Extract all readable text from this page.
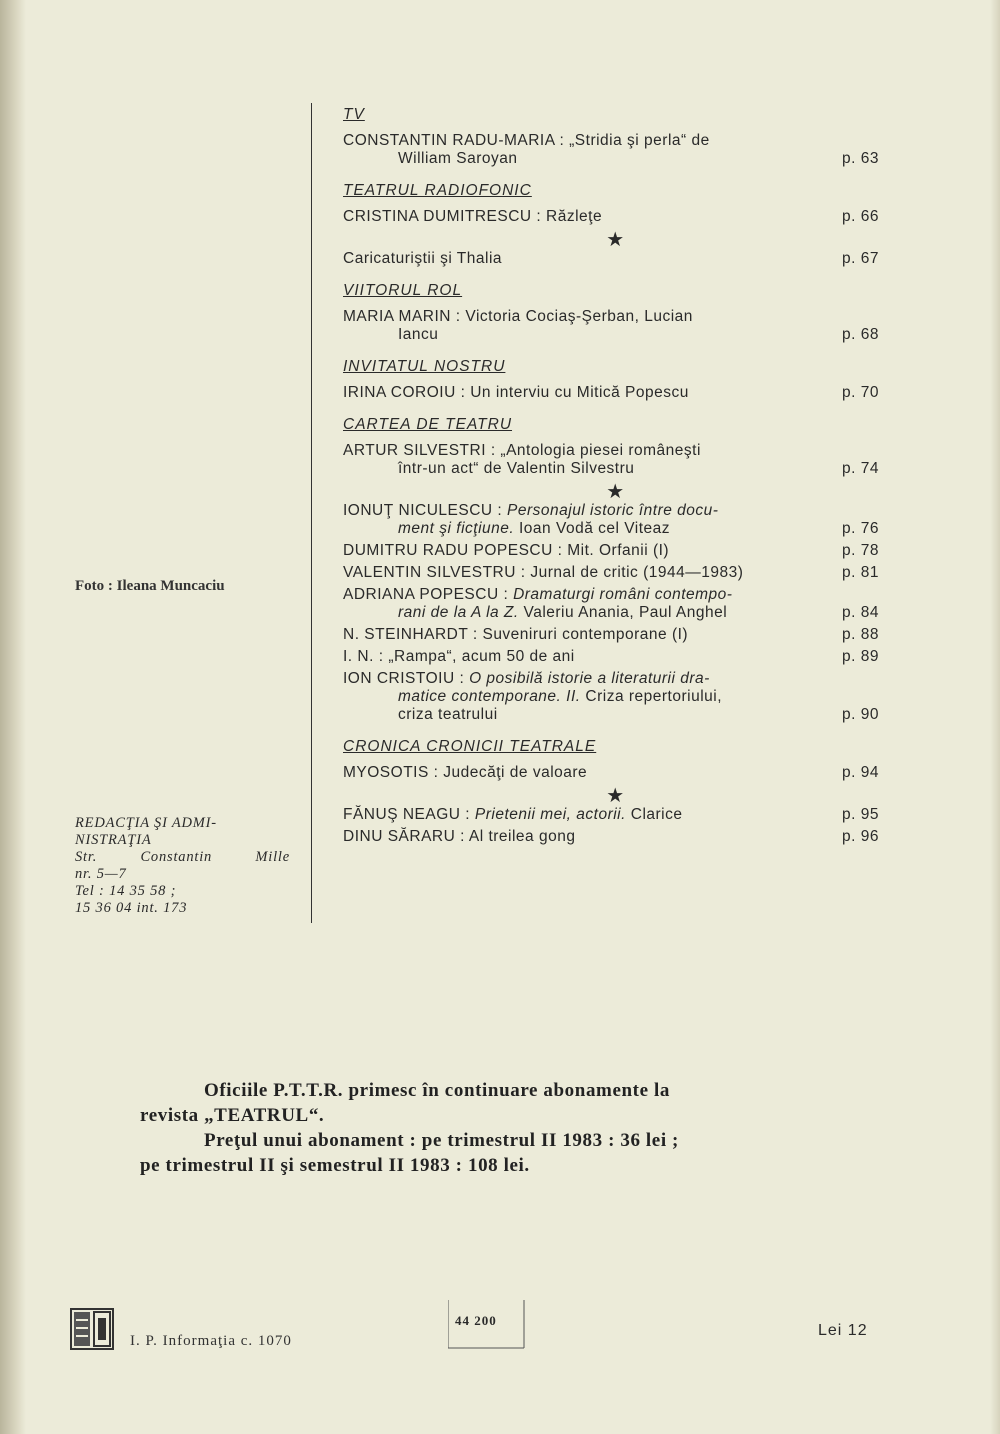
TV
CONSTANTIN RADU-MARIA : „Stridia şi perla“ de
William Saroyan	p. 63
TEATRUL RADIOFONIC
CRISTINA DUMITRESCU : Răzleţe	p. 66
★
Caricaturiştii şi Thalia	p. 67
VIITORUL ROL
MARIA MARIN : Victoria Cociaş-Şerban, Lucian
Iancu	p. 68
INVITATUL NOSTRU
IRINA COROIU : Un interviu cu Mitică Popescu	p. 70
CARTEA DE TEATRU
ARTUR SILVESTRI : „Antologia piesei româneşti
într-un act“ de Valentin Silvestru	p. 74
★
IONUŢ NICULESCU : Personajul istoric între docu-
ment şi ficţiune. Ioan Vodă cel Viteaz	p. 76
DUMITRU RADU POPESCU : Mit. Orfanii (I)	p. 78
VALENTIN SILVESTRU : Jurnal de critic (1944—1983)	p. 81
ADRIANA POPESCU : Dramaturgi români contempo-
rani de la A la Z. Valeriu Anania, Paul Anghel	p. 84
N. STEINHARDT : Suveniruri contemporane (I)	p. 88
I. N. : „Rampa“, acum 50 de ani	p. 89
ION CRISTOIU : O posibilă istorie a literaturii dra-
matice contemporane. II. Criza repertoriului,
criza teatrului	p. 90
CRONICA CRONICII TEATRALE
MYOSOTIS : Judecăţi de valoare	p. 94
★
FĂNUŞ NEAGU : Prietenii mei, actorii. Clarice	p. 95
DINU SĂRARU : Al treilea gong	p. 96
Foto : Ileana Muncaciu
REDACŢIA ŞI ADMI-
NISTRAŢIA
Str.	Constantin	Mille
nr. 5—7
Tel : 14 35 58 ;
15 36 04 int. 173

Oficiile P.T.T.R. primesc în continuare abonamente la

revista „TEATRUL“.

Preţul unui abonament : pe trimestrul II 1983 : 36 lei ;

pe trimestrul II şi semestrul II 1983 : 108 lei.

I. P. Informaţia c. 1070
44 200
Lei 12
